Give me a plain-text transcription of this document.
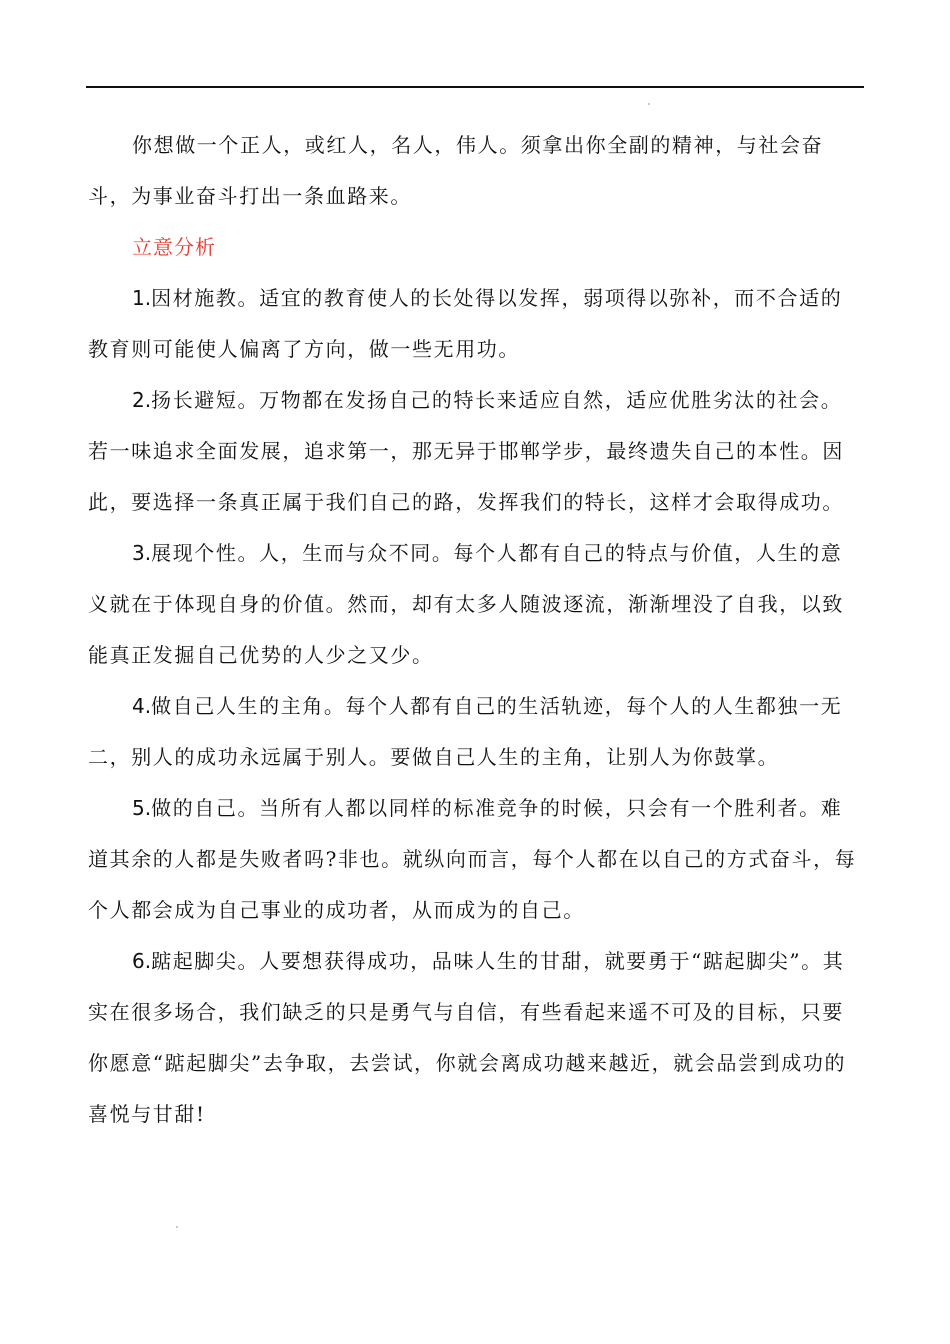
你想做一个正人，或红人，名人，伟人。须拿出你全副的精神，与社会奋斗，为事业奋斗打出一条血路来。

立意分析

1.因材施教。适宜的教育使人的长处得以发挥，弱项得以弥补，而不合适的教育则可能使人偏离了方向，做一些无用功。

2.扬长避短。万物都在发扬自己的特长来适应自然，适应优胜劣汰的社会。若一味追求全面发展，追求第一，那无异于邯郸学步，最终遗失自己的本性。因此，要选择一条真正属于我们自己的路，发挥我们的特长，这样才会取得成功。

3.展现个性。人，生而与众不同。每个人都有自己的特点与价值，人生的意义就在于体现自身的价值。然而，却有太多人随波逐流，渐渐埋没了自我，以致能真正发掘自己优势的人少之又少。

4.做自己人生的主角。每个人都有自己的生活轨迹，每个人的人生都独一无二，别人的成功永远属于别人。要做自己人生的主角，让别人为你鼓掌。

5.做的自己。当所有人都以同样的标准竞争的时候，只会有一个胜利者。难道其余的人都是失败者吗?非也。就纵向而言，每个人都在以自己的方式奋斗，每个人都会成为自己事业的成功者，从而成为的自己。

6.踮起脚尖。人要想获得成功，品味人生的甘甜，就要勇于“踮起脚尖”。其实在很多场合，我们缺乏的只是勇气与自信，有些看起来遥不可及的目标，只要你愿意“踮起脚尖”去争取，去尝试，你就会离成功越来越近，就会品尝到成功的喜悦与甘甜!
